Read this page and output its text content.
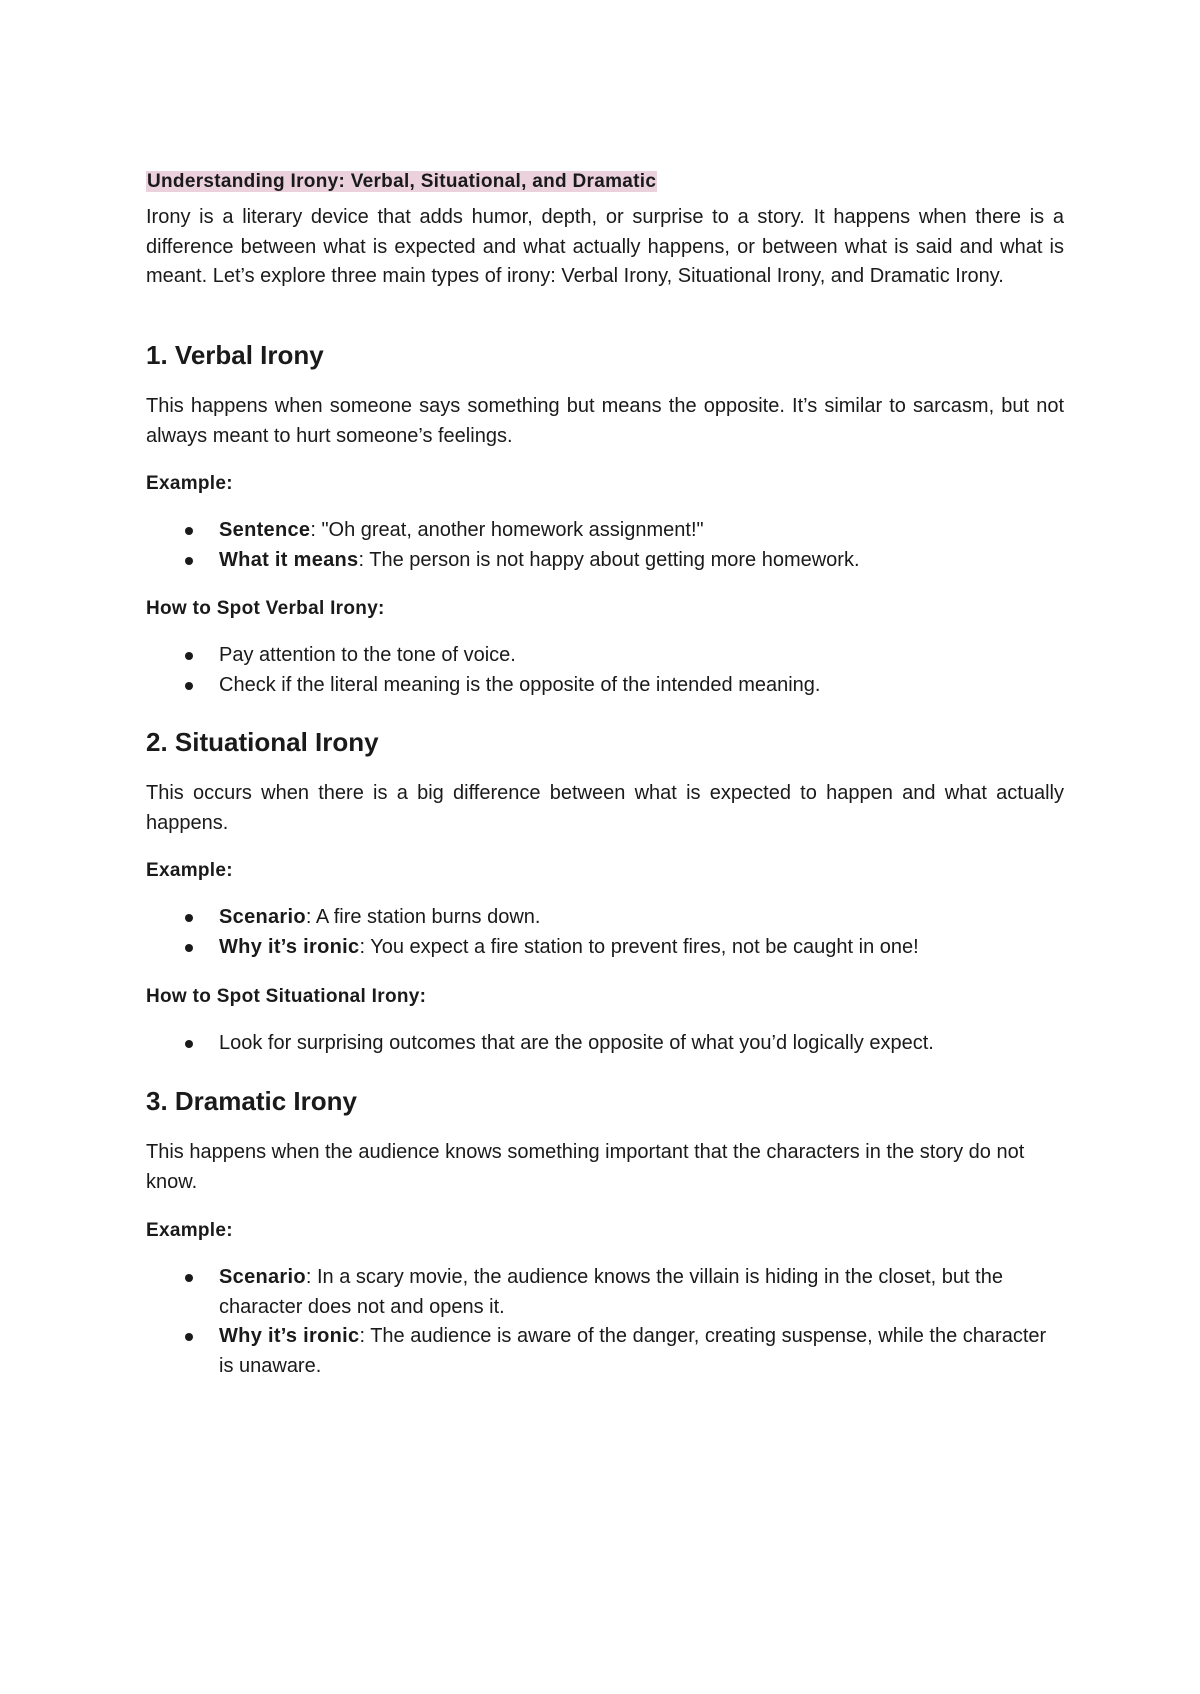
Understanding Irony: Verbal, Situational, and Dramatic

Irony is a literary device that adds humor, depth, or surprise to a story. It happens when there is a difference between what is expected and what actually happens, or between what is said and what is meant. Let’s explore three main types of irony: Verbal Irony, Situational Irony, and Dramatic Irony.

1. Verbal Irony

This happens when someone says something but means the opposite. It’s similar to sarcasm, but not always meant to hurt someone’s feelings.

Example:

Sentence: "Oh great, another homework assignment!"
What it means: The person is not happy about getting more homework.

How to Spot Verbal Irony:

Pay attention to the tone of voice.
Check if the literal meaning is the opposite of the intended meaning.
2. Situational Irony

This occurs when there is a big difference between what is expected to happen and what actually happens.

Example:

Scenario: A fire station burns down.
Why it’s ironic: You expect a fire station to prevent fires, not be caught in one!

How to Spot Situational Irony:

Look for surprising outcomes that are the opposite of what you’d logically expect.
3. Dramatic Irony

This happens when the audience knows something important that the characters in the story do not know.

Example:

Scenario: In a scary movie, the audience knows the villain is hiding in the closet, but the character does not and opens it.
Why it’s ironic: The audience is aware of the danger, creating suspense, while the character is unaware.
